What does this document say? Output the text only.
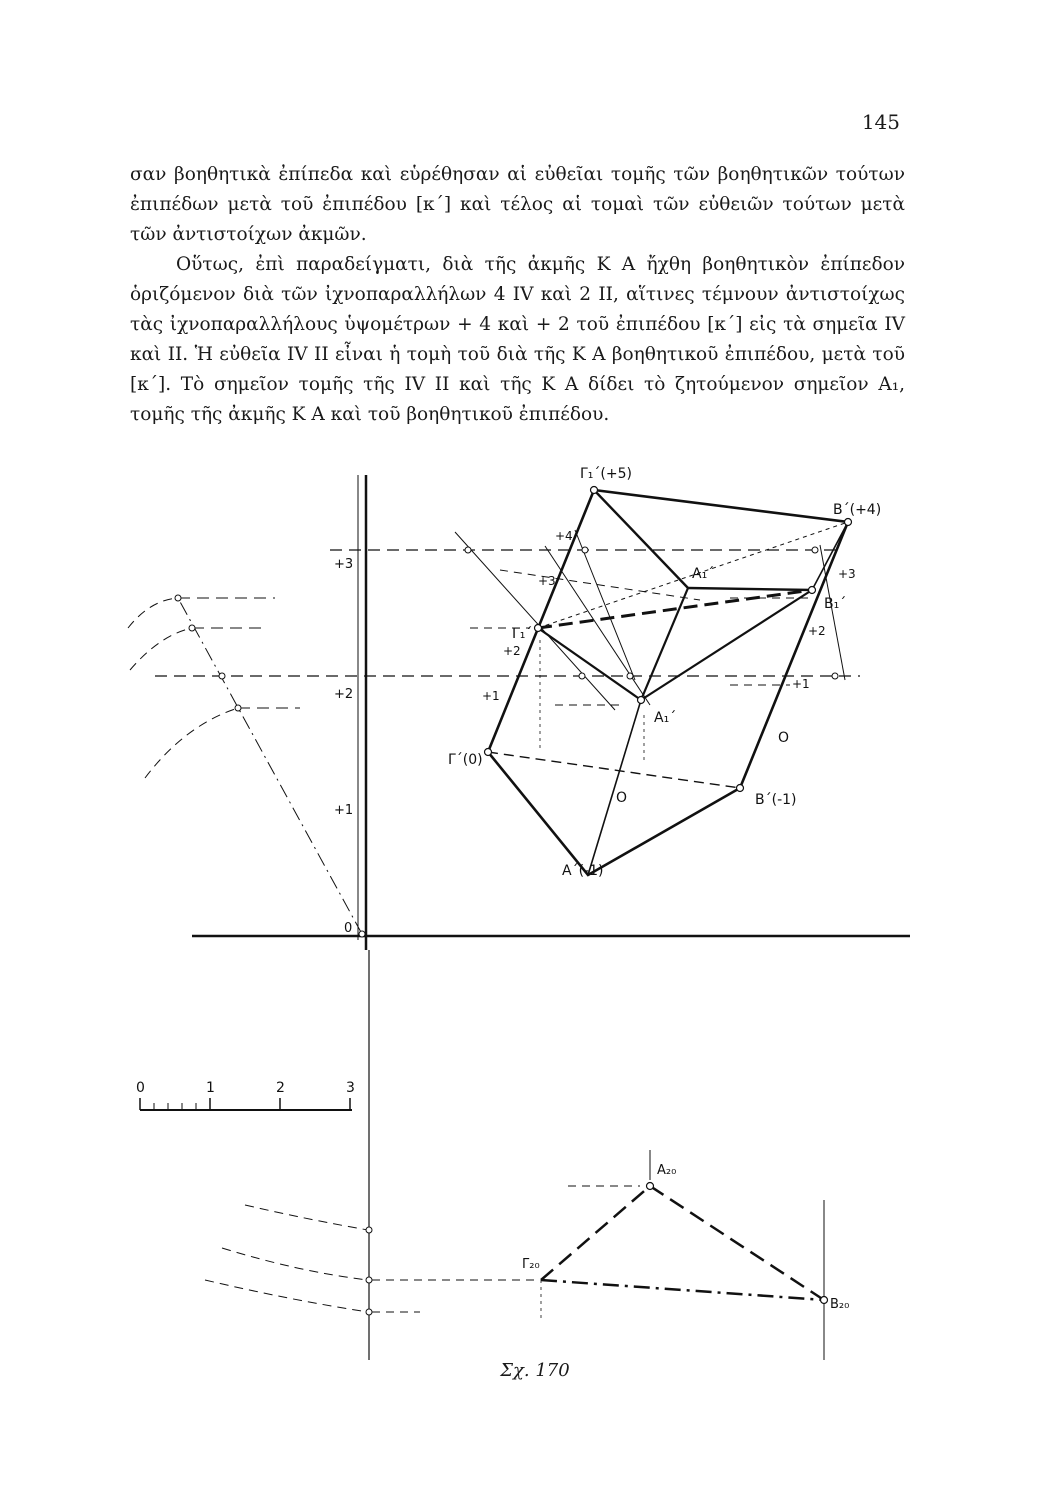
145

σαν βοηθητικὰ ἐπίπεδα καὶ εὑρέθησαν αἱ εὐθεῖαι τομῆς τῶν βοηθητικῶν τούτων ἐπιπέδων μετὰ τοῦ ἐπιπέδου [κ΄] καὶ τέλος αἱ τομαὶ τῶν εὐθειῶν τούτων μετὰ τῶν ἀντιστοίχων ἀκμῶν.

Οὕτως, ἐπὶ παραδείγματι, διὰ τῆς ἀκμῆς Κ Α ἤχθη βοηθητικὸν ἐπίπεδον ὁριζόμενον διὰ τῶν ἰχνοπαραλλήλων 4 IV καὶ 2 II, αἵτινες τέμνουν ἀντιστοίχως τὰς ἰχνοπαραλλήλους ὑψομέτρων + 4 καὶ + 2 τοῦ ἐπιπέδου [κ΄] εἰς τὰ σημεῖα IV καὶ II. Ἡ εὐθεῖα IV II εἶναι ἡ τομὴ τοῦ διὰ τῆς Κ Α βοηθητικοῦ ἐπιπέδου, μετὰ τοῦ [κ΄]. Τὸ σημεῖον τομῆς τῆς IV II καὶ τῆς Κ Α δίδει τὸ ζητούμενον σημεῖον Α₁, τομῆς τῆς ἀκμῆς Κ Α καὶ τοῦ βοηθητικοῦ ἐπιπέδου.

Γ₁΄(+5)
Β΄(+4)
Α₁΄
Β₁΄
Γ₁΄
Α₁΄
Γ΄(0)
Β΄(-1)
Α΄(-1)
+4
+3	+3
+2
+2
+1
+1
O
O
+3
+2
+1
0
0	1	2	3
Α₂₀
Γ₂₀
Β₂₀
Σχ. 170
